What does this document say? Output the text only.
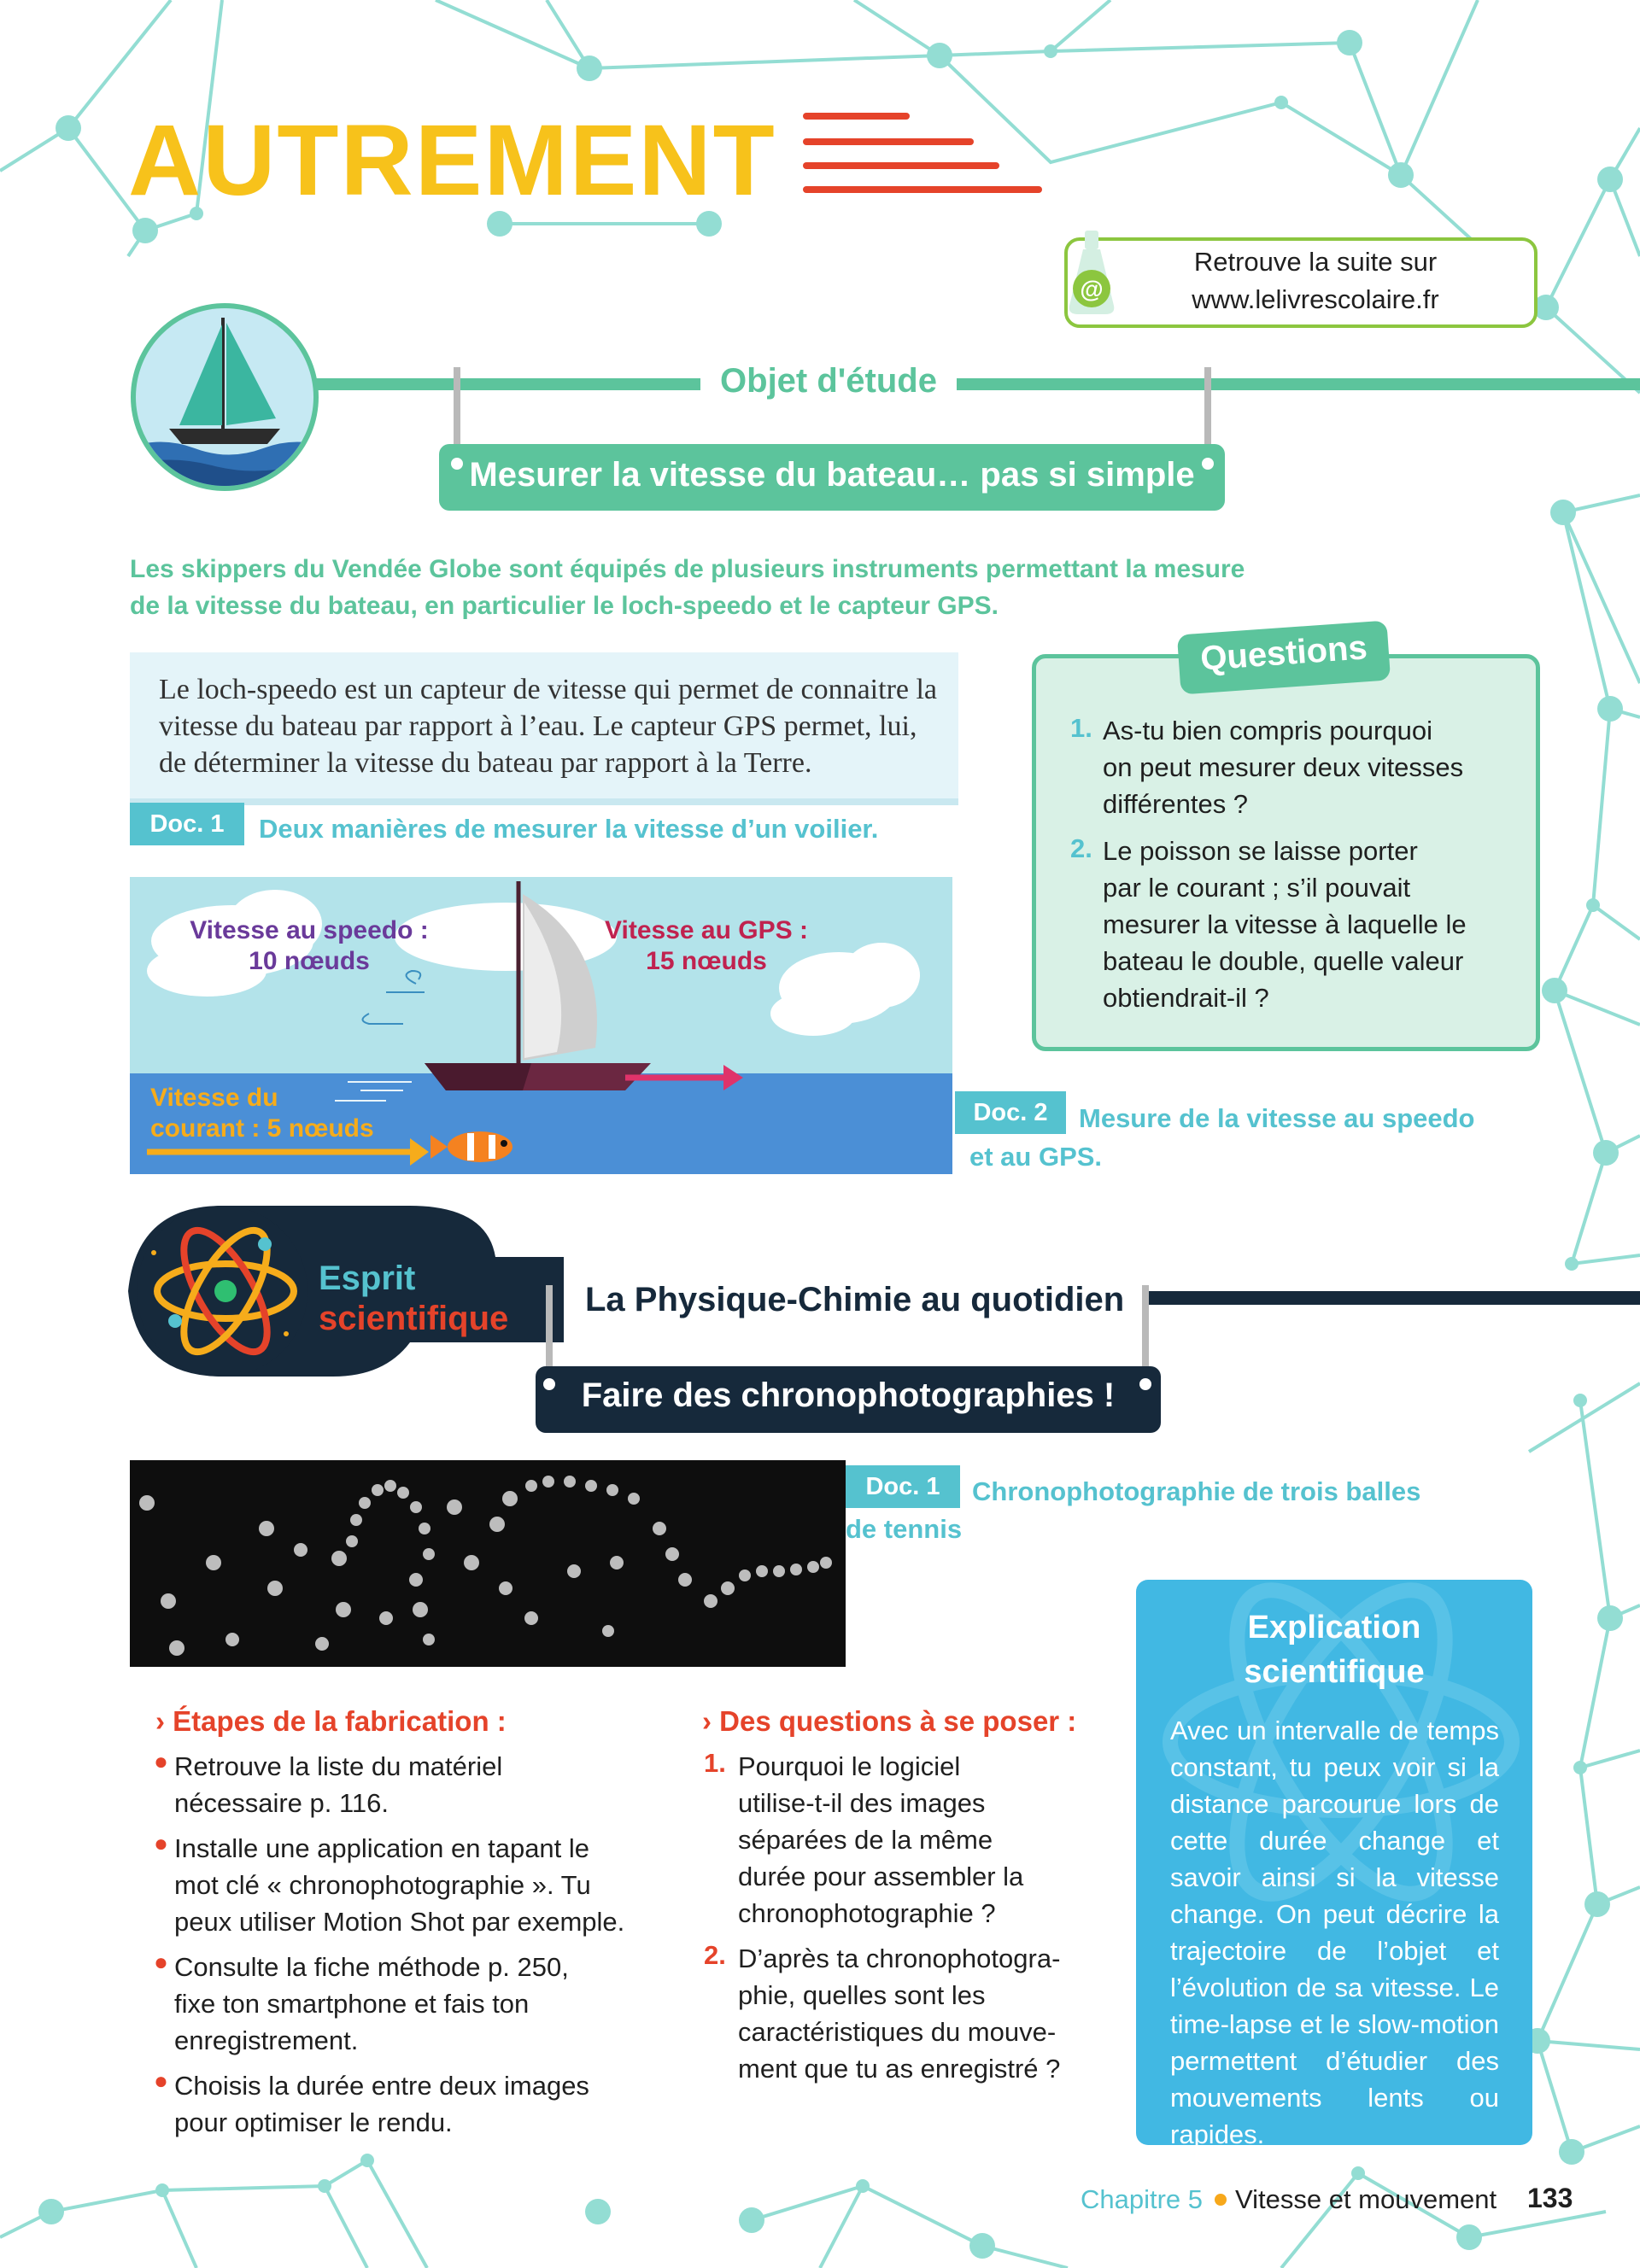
AUTREMENT
@
Retrouve la suite sur
www.lelivrescolaire.fr
Objet d'étude
Mesurer la vitesse du bateau… pas si simple
Les skippers du Vendée Globe sont équipés de plusieurs instruments permettant la mesure
de la vitesse du bateau, en particulier le loch-speedo et le capteur GPS.
Le loch-speedo est un capteur de vitesse qui permet de connaitre la
vitesse du bateau par rapport à l’eau. Le capteur GPS permet, lui,
de déterminer la vitesse du bateau par rapport à la Terre.
Doc. 1	Deux manières de mesurer la vitesse d’un voilier.
Questions
1. As-tu bien compris pourquoi
on peut mesurer deux vitesses
différentes ?
2. Le poisson se laisse porter
par le courant ; s’il pouvait
mesurer la vitesse à laquelle le
bateau le double, quelle valeur
obtiendrait-il ?
Vitesse au speedo :
10 nœuds
Vitesse au GPS :
15 nœuds
Vitesse du
courant : 5 nœuds
Doc. 2	Mesure de la vitesse au speedo
et au GPS.
Esprit
scientifique La Physique-Chimie au quotidien
Faire des chronophotographies !
Doc. 1	Chronophotographie de trois balles
de tennis
› Étapes de la fabrication :
● Retrouve la liste du matériel
nécessaire p. 116.
● Installe une application en tapant le
mot clé « chronophotographie ». Tu
peux utiliser Motion Shot par exemple.
● Consulte la fiche méthode p. 250,
fixe ton smartphone et fais ton
enregistrement.
● Choisis la durée entre deux images
pour optimiser le rendu.
› Des questions à se poser :
1. Pourquoi le logiciel
utilise-t-il des images
séparées de la même
durée pour assembler la
chronophotographie ?
2. D’après ta chronophotogra-
phie, quelles sont les
caractéristiques du mouve-
ment que tu as enregistré ?
Explication
scientifique
Avec un intervalle de temps constant, tu peux voir si la distance parcourue lors de cette durée change et savoir ainsi si la vitesse change. On peut décrire la trajectoire de l’objet et l’évolution de sa vitesse. Le time-lapse et le slow-motion permettent d’étudier des mouvements lents ou rapides.
Chapitre 5 Vitesse et mouvement 133
